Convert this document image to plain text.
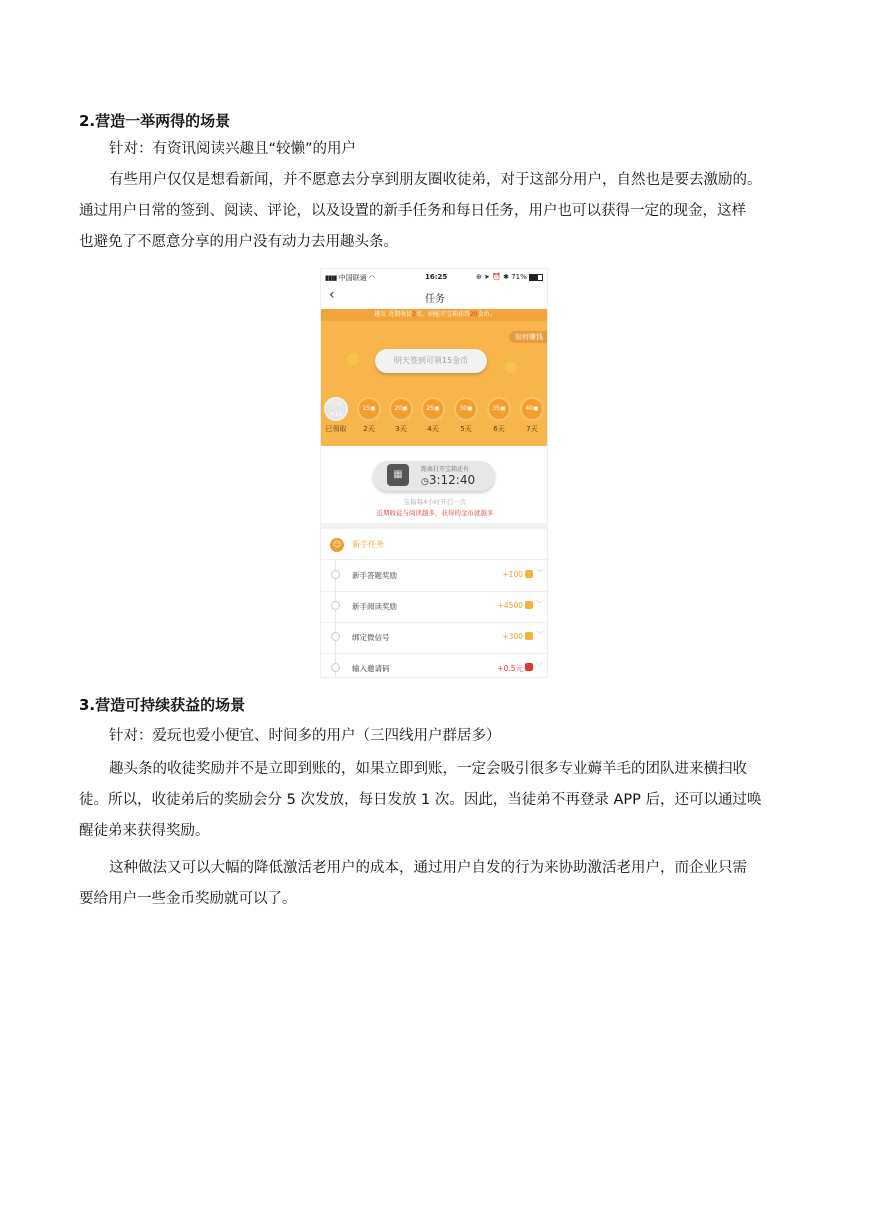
2.营造一举两得的场景
针对：有资讯阅读兴趣且“较懒”的用户
有些用户仅仅是想看新闻，并不愿意去分享到朋友圈收徒弟，对于这部分用户，自然也是要去激励的。
通过用户日常的签到、阅读、评论，以及设置的新手任务和每日任务，用户也可以获得一定的现金，这样
也避免了不愿意分享的用户没有动力去用趣头条。
▮▮▮▮ 中国联通 ◠	16:25	⊕ ➤ ⏰ ✱ 71%
‹	任务
趣友 近期收徒2名，则能开宝箱获得20金币。
如何赚钱
明天签到可领15金币
已领
+10
已领取
15▣
2天
20▣
3天
25▣
4天
30▣
5天
35▣
6天
40▣
7天
▦	距离打开宝箱还有
◷3:12:40
宝箱每4小时开启一次
近期收徒与阅读越多，获得的金币就越多
☺	新手任务
新手答题奖励	+100 ﹀
新手阅读奖励	+4500 ﹀
绑定微信号	+300 ﹀
输入邀请码	+0.5元 ﹀
3.营造可持续获益的场景
针对：爱玩也爱小便宜、时间多的用户（三四线用户群居多）
趣头条的收徒奖励并不是立即到账的，如果立即到账，一定会吸引很多专业薅羊毛的团队进来横扫收
徒。所以，收徒弟后的奖励会分 5 次发放，每日发放 1 次。因此，当徒弟不再登录 APP 后，还可以通过唤
醒徒弟来获得奖励。
这种做法又可以大幅的降低激活老用户的成本，通过用户自发的行为来协助激活老用户，而企业只需
要给用户一些金币奖励就可以了。
